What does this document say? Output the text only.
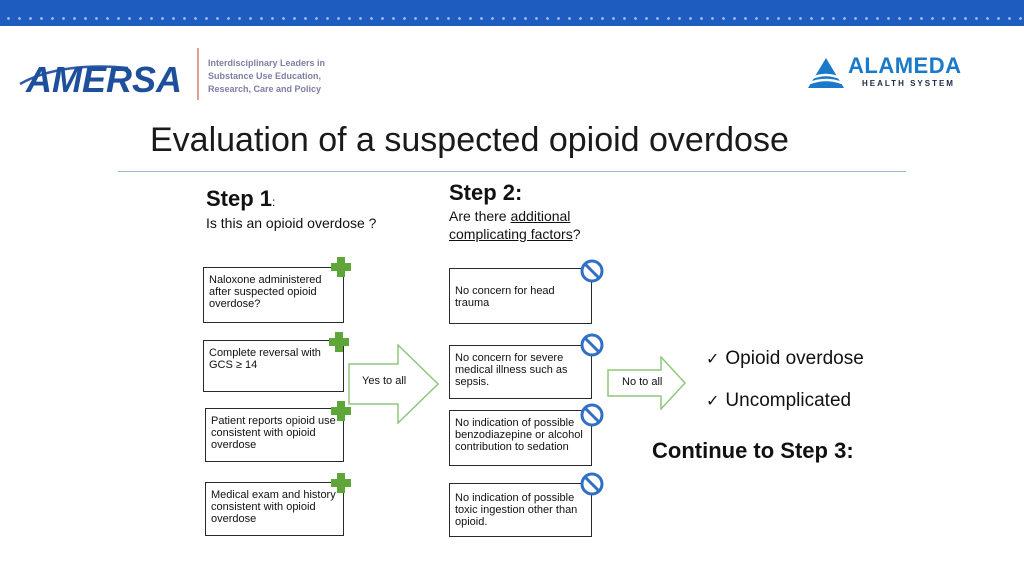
AMERSA	Interdisciplinary Leaders in
Substance Use Education,
Research, Care and Policy
ALAMEDA
HEALTH SYSTEM
Evaluation of a suspected opioid overdose
Step 1:
Is this an opioid overdose ?
Naloxone administered after suspected opioid overdose?
Complete reversal with GCS ≥ 14
Patient reports opioid use consistent with opioid overdose
Medical exam and history consistent with opioid overdose
Yes to all
Step 2:
Are there additional
complicating factors?
No concern for head trauma
No concern for severe medical illness such as sepsis.
No indication of possible benzodiazepine or alcohol contribution to sedation
No indication of possible toxic ingestion other than opioid.
No to all
✓ Opioid overdose
✓ Uncomplicated
Continue to Step 3:
